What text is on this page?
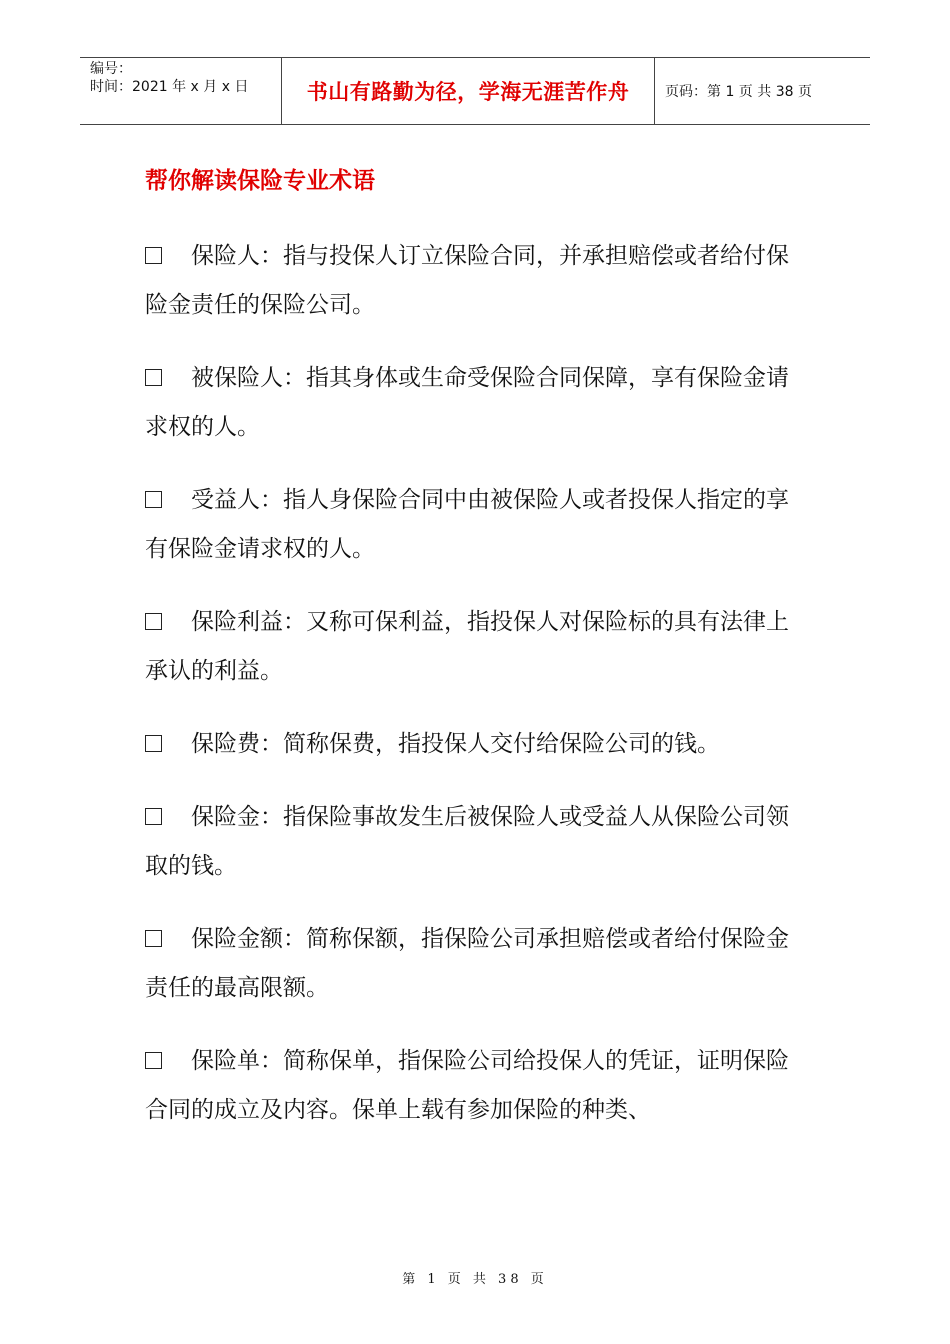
编号：
时间：2021 年 x 月 x 日	书山有路勤为径，学海无涯苦作舟	页码：第 1 页 共 38 页
帮你解读保险专业术语
保险人：指与投保人订立保险合同，并承担赔偿或者给付保险金责任的保险公司。
被保险人：指其身体或生命受保险合同保障，享有保险金请求权的人。
受益人：指人身保险合同中由被保险人或者投保人指定的享有保险金请求权的人。
保险利益：又称可保利益，指投保人对保险标的具有法律上承认的利益。
保险费：简称保费，指投保人交付给保险公司的钱。
保险金：指保险事故发生后被保险人或受益人从保险公司领取的钱。
保险金额：简称保额，指保险公司承担赔偿或者给付保险金责任的最高限额。
保险单：简称保单，指保险公司给投保人的凭证，证明保险合同的成立及内容。保单上载有参加保险的种类、
第 1 页 共 38 页
